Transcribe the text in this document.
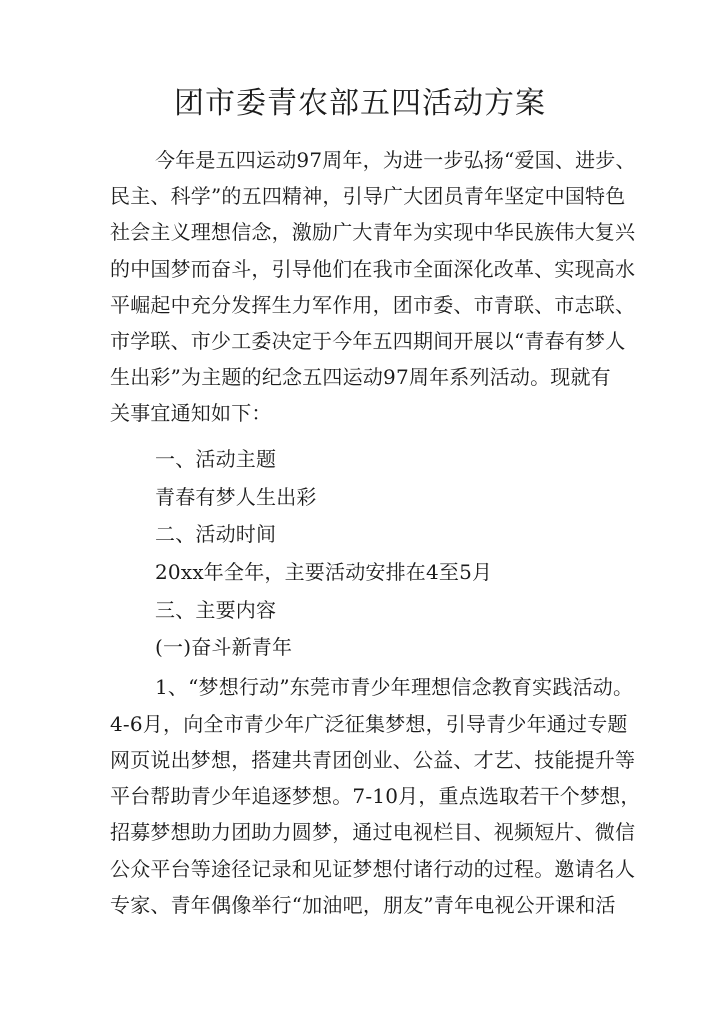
团市委青农部五四活动方案
今年是五四运动97周年，为进一步弘扬“爱国、进步、
民主、科学”的五四精神，引导广大团员青年坚定中国特色
社会主义理想信念，激励广大青年为实现中华民族伟大复兴
的中国梦而奋斗，引导他们在我市全面深化改革、实现高水
平崛起中充分发挥生力军作用，团市委、市青联、市志联、
市学联、市少工委决定于今年五四期间开展以“青春有梦人
生出彩”为主题的纪念五四运动97周年系列活动。现就有
关事宜通知如下：
一、活动主题
青春有梦人生出彩
二、活动时间
20xx年全年，主要活动安排在4至5月
三、主要内容
(一)奋斗新青年
1、“梦想行动”东莞市青少年理想信念教育实践活动。
4-6月，向全市青少年广泛征集梦想，引导青少年通过专题
网页说出梦想，搭建共青团创业、公益、才艺、技能提升等
平台帮助青少年追逐梦想。7-10月，重点选取若干个梦想，
招募梦想助力团助力圆梦，通过电视栏目、视频短片、微信
公众平台等途径记录和见证梦想付诸行动的过程。邀请名人
专家、青年偶像举行“加油吧，朋友”青年电视公开课和活
